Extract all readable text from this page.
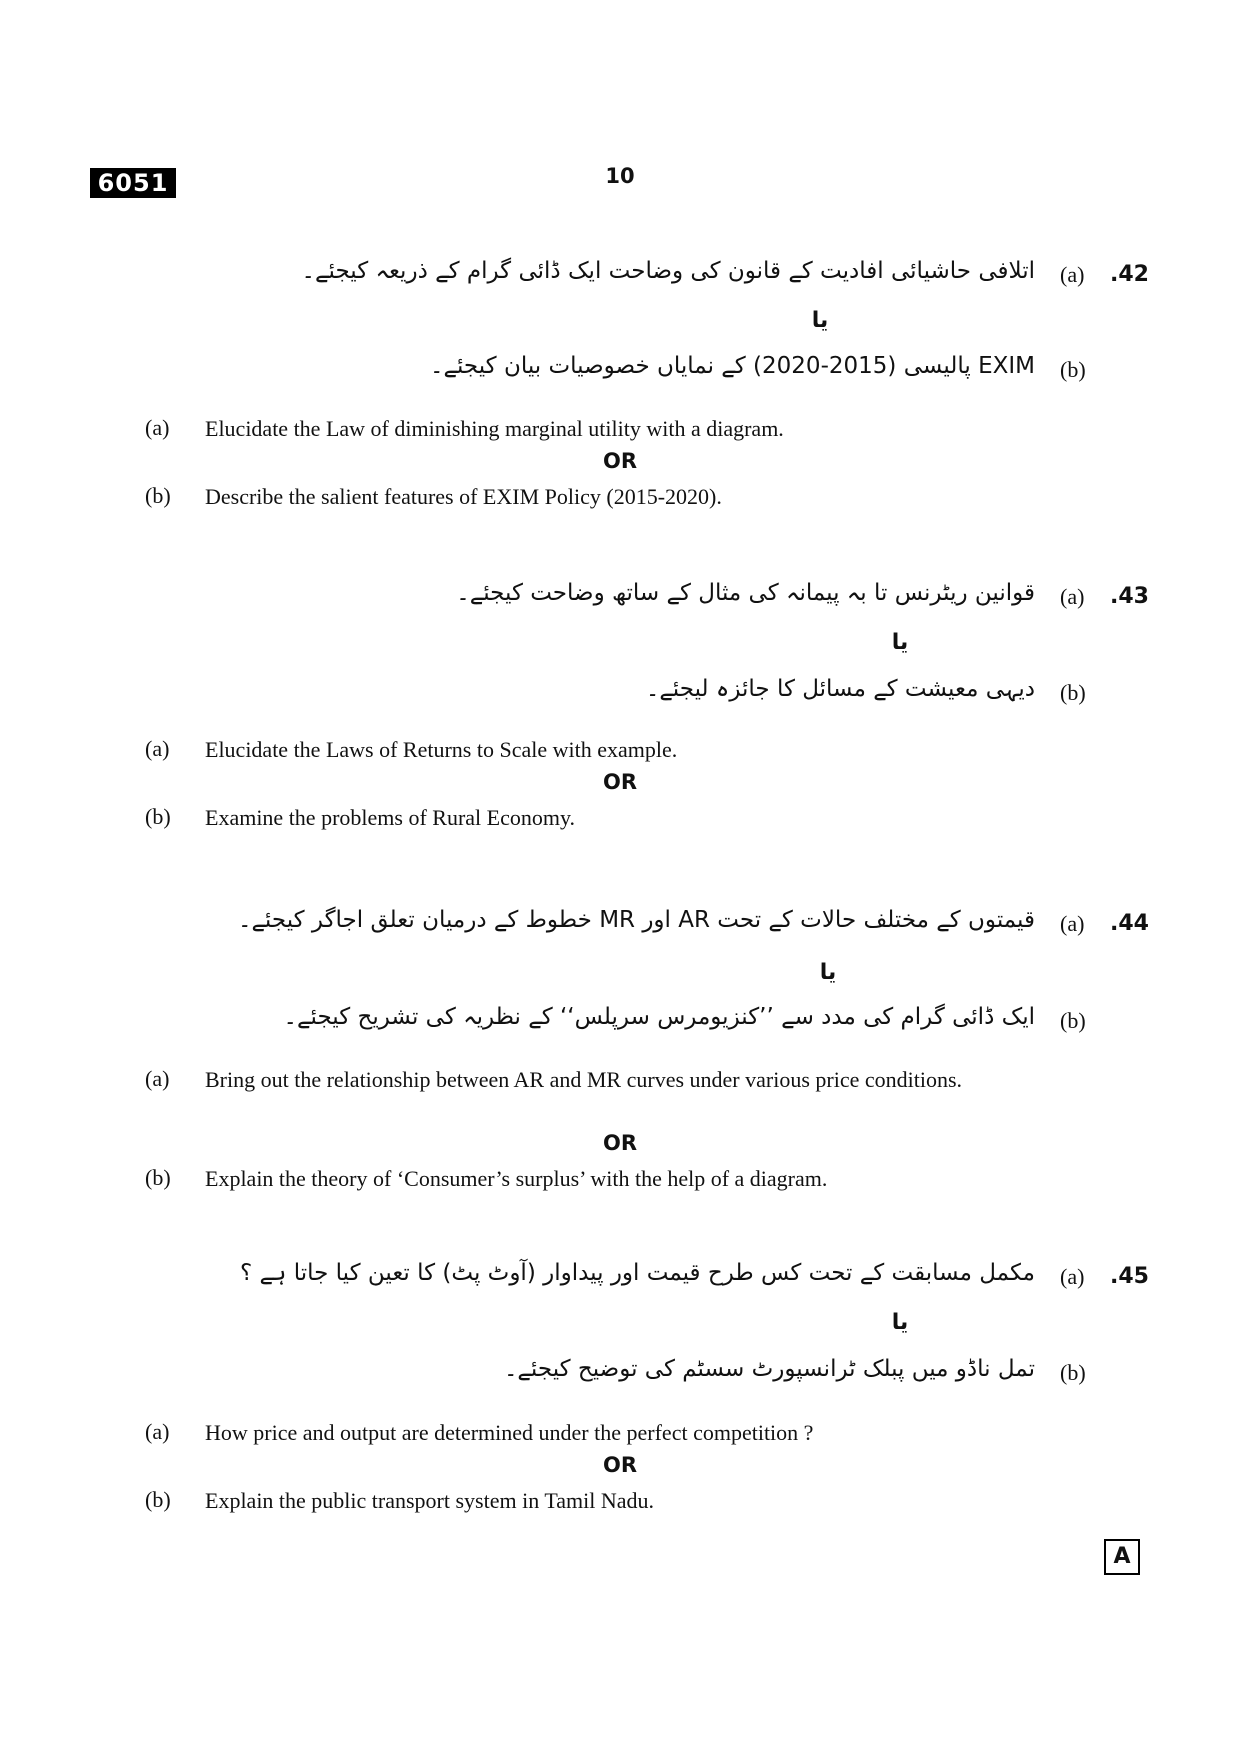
6051	10
.42
(a)
اتلافی حاشیائی افادیت کے قانون کی وضاحت ایک ڈائی گرام کے ذریعہ کیجئے۔
یا
(b)
EXIM پالیسی (2015-2020) کے نمایاں خصوصیات بیان کیجئے۔
(a)	Elucidate the Law of diminishing marginal utility with a diagram.
OR
(b)	Describe the salient features of EXIM Policy (2015-2020).
.43
(a)
قوانین ریٹرنس تا بہ پیمانہ کی مثال کے ساتھ وضاحت کیجئے۔
یا
(b)
دیہی معیشت کے مسائل کا جائزہ لیجئے۔
(a)	Elucidate the Laws of Returns to Scale with example.
OR
(b)	Examine the problems of Rural Economy.
.44
(a)
قیمتوں کے مختلف حالات کے تحت AR اور MR خطوط کے درمیان تعلق اجاگر کیجئے۔
یا
(b)
ایک ڈائی گرام کی مدد سے ’’کنزیومرس سرپلس‘‘ کے نظریہ کی تشریح کیجئے۔
(a)	Bring out the relationship between AR and MR curves under various price conditions.
OR
(b)	Explain the theory of ‘Consumer’s surplus’ with the help of a diagram.
.45
(a)
مکمل مسابقت کے تحت کس طرح قیمت اور پیداوار (آوٹ پٹ) کا تعین کیا جاتا ہے ؟
یا
(b)
تمل ناڈو میں پبلک ٹرانسپورٹ سسٹم کی توضیح کیجئے۔
(a)	How price and output are determined under the perfect competition ?
OR
(b)	Explain the public transport system in Tamil Nadu.
A
